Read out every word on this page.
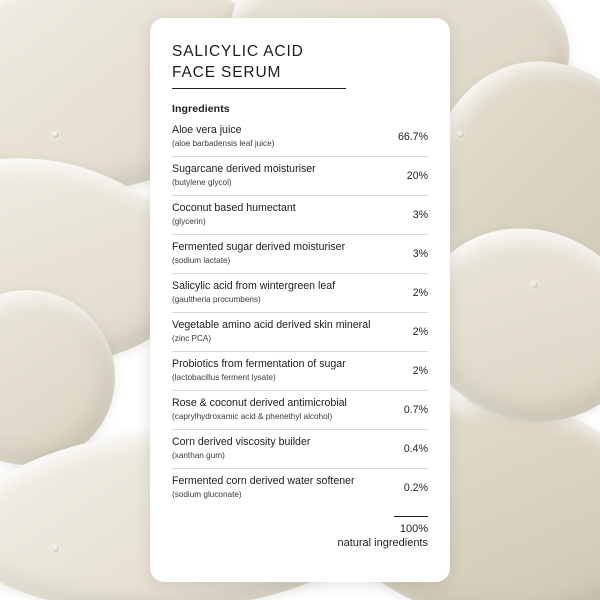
SALICYLIC ACID
FACE SERUM
Ingredients
Aloe vera juice
(aloe barbadensis leaf juice)
66.7%
Sugarcane derived moisturiser
(butylene glycol)
20%
Coconut based humectant
(glycerin)
3%
Fermented sugar derived moisturiser
(sodium lactate)
3%
Salicylic acid from wintergreen leaf
(gaultheria procumbens)
2%
Vegetable amino acid derived skin mineral
(zinc PCA)
2%
Probiotics from fermentation of sugar
(lactobacillus ferment lysate)
2%
Rose & coconut derived antimicrobial
(caprylhydroxamic acid & phenethyl alcohol)
0.7%
Corn derived viscosity builder
(xanthan gum)
0.4%
Fermented corn derived water softener
(sodium gluconate)
0.2%
100%
natural ingredients
